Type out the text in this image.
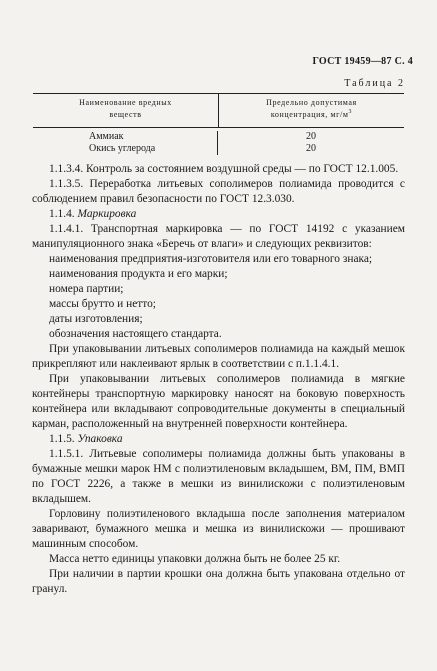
ГОСТ 19459—87 С. 4
Таблица 2
Наименование вредных
веществ
Предельно допустимая
концентрация, $мг/м^3$
Аммиак	20
Окись углерода	20

1.1.3.4. Контроль за состоянием воздушной среды — по ГОСТ 12.1.005.

1.1.3.5. Переработка литьевых сополимеров полиамида проводится с соблюдением правил безопасности по ГОСТ 12.3.030.

1.1.4. Маркировка

1.1.4.1. Транспортная маркировка — по ГОСТ 14192 с указанием манипуляционного знака «Беречь от влаги» и следующих реквизитов:

наименования предприятия-изготовителя или его товарного знака;

наименования продукта и его марки;

номера партии;

массы брутто и нетто;

даты изготовления;

обозначения настоящего стандарта.

При упаковывании литьевых сополимеров полиамида на каждый мешок прикрепляют или наклеивают ярлык в соответствии с п.1.1.4.1.

При упаковывании литьевых сополимеров полиамида в мягкие контейнеры транспортную маркировку наносят на боковую поверхность контейнера или вкладывают сопроводительные документы в специальный карман, расположенный на внутренней поверхности контейнера.

1.1.5. Упаковка

1.1.5.1. Литьевые сополимеры полиамида должны быть упакованы в бумажные мешки марок НМ с полиэтиленовым вкладышем, ВМ, ПМ, ВМП по ГОСТ 2226, а также в мешки из винилискожи с полиэтиленовым вкладышем.

Горловину полиэтиленового вкладыша после заполнения материалом заваривают, бумажного мешка и мешка из винилискожи — прошивают машинным способом.

Масса нетто единицы упаковки должна быть не более 25 кг.

При наличии в партии крошки она должна быть упакована отдельно от гранул.
